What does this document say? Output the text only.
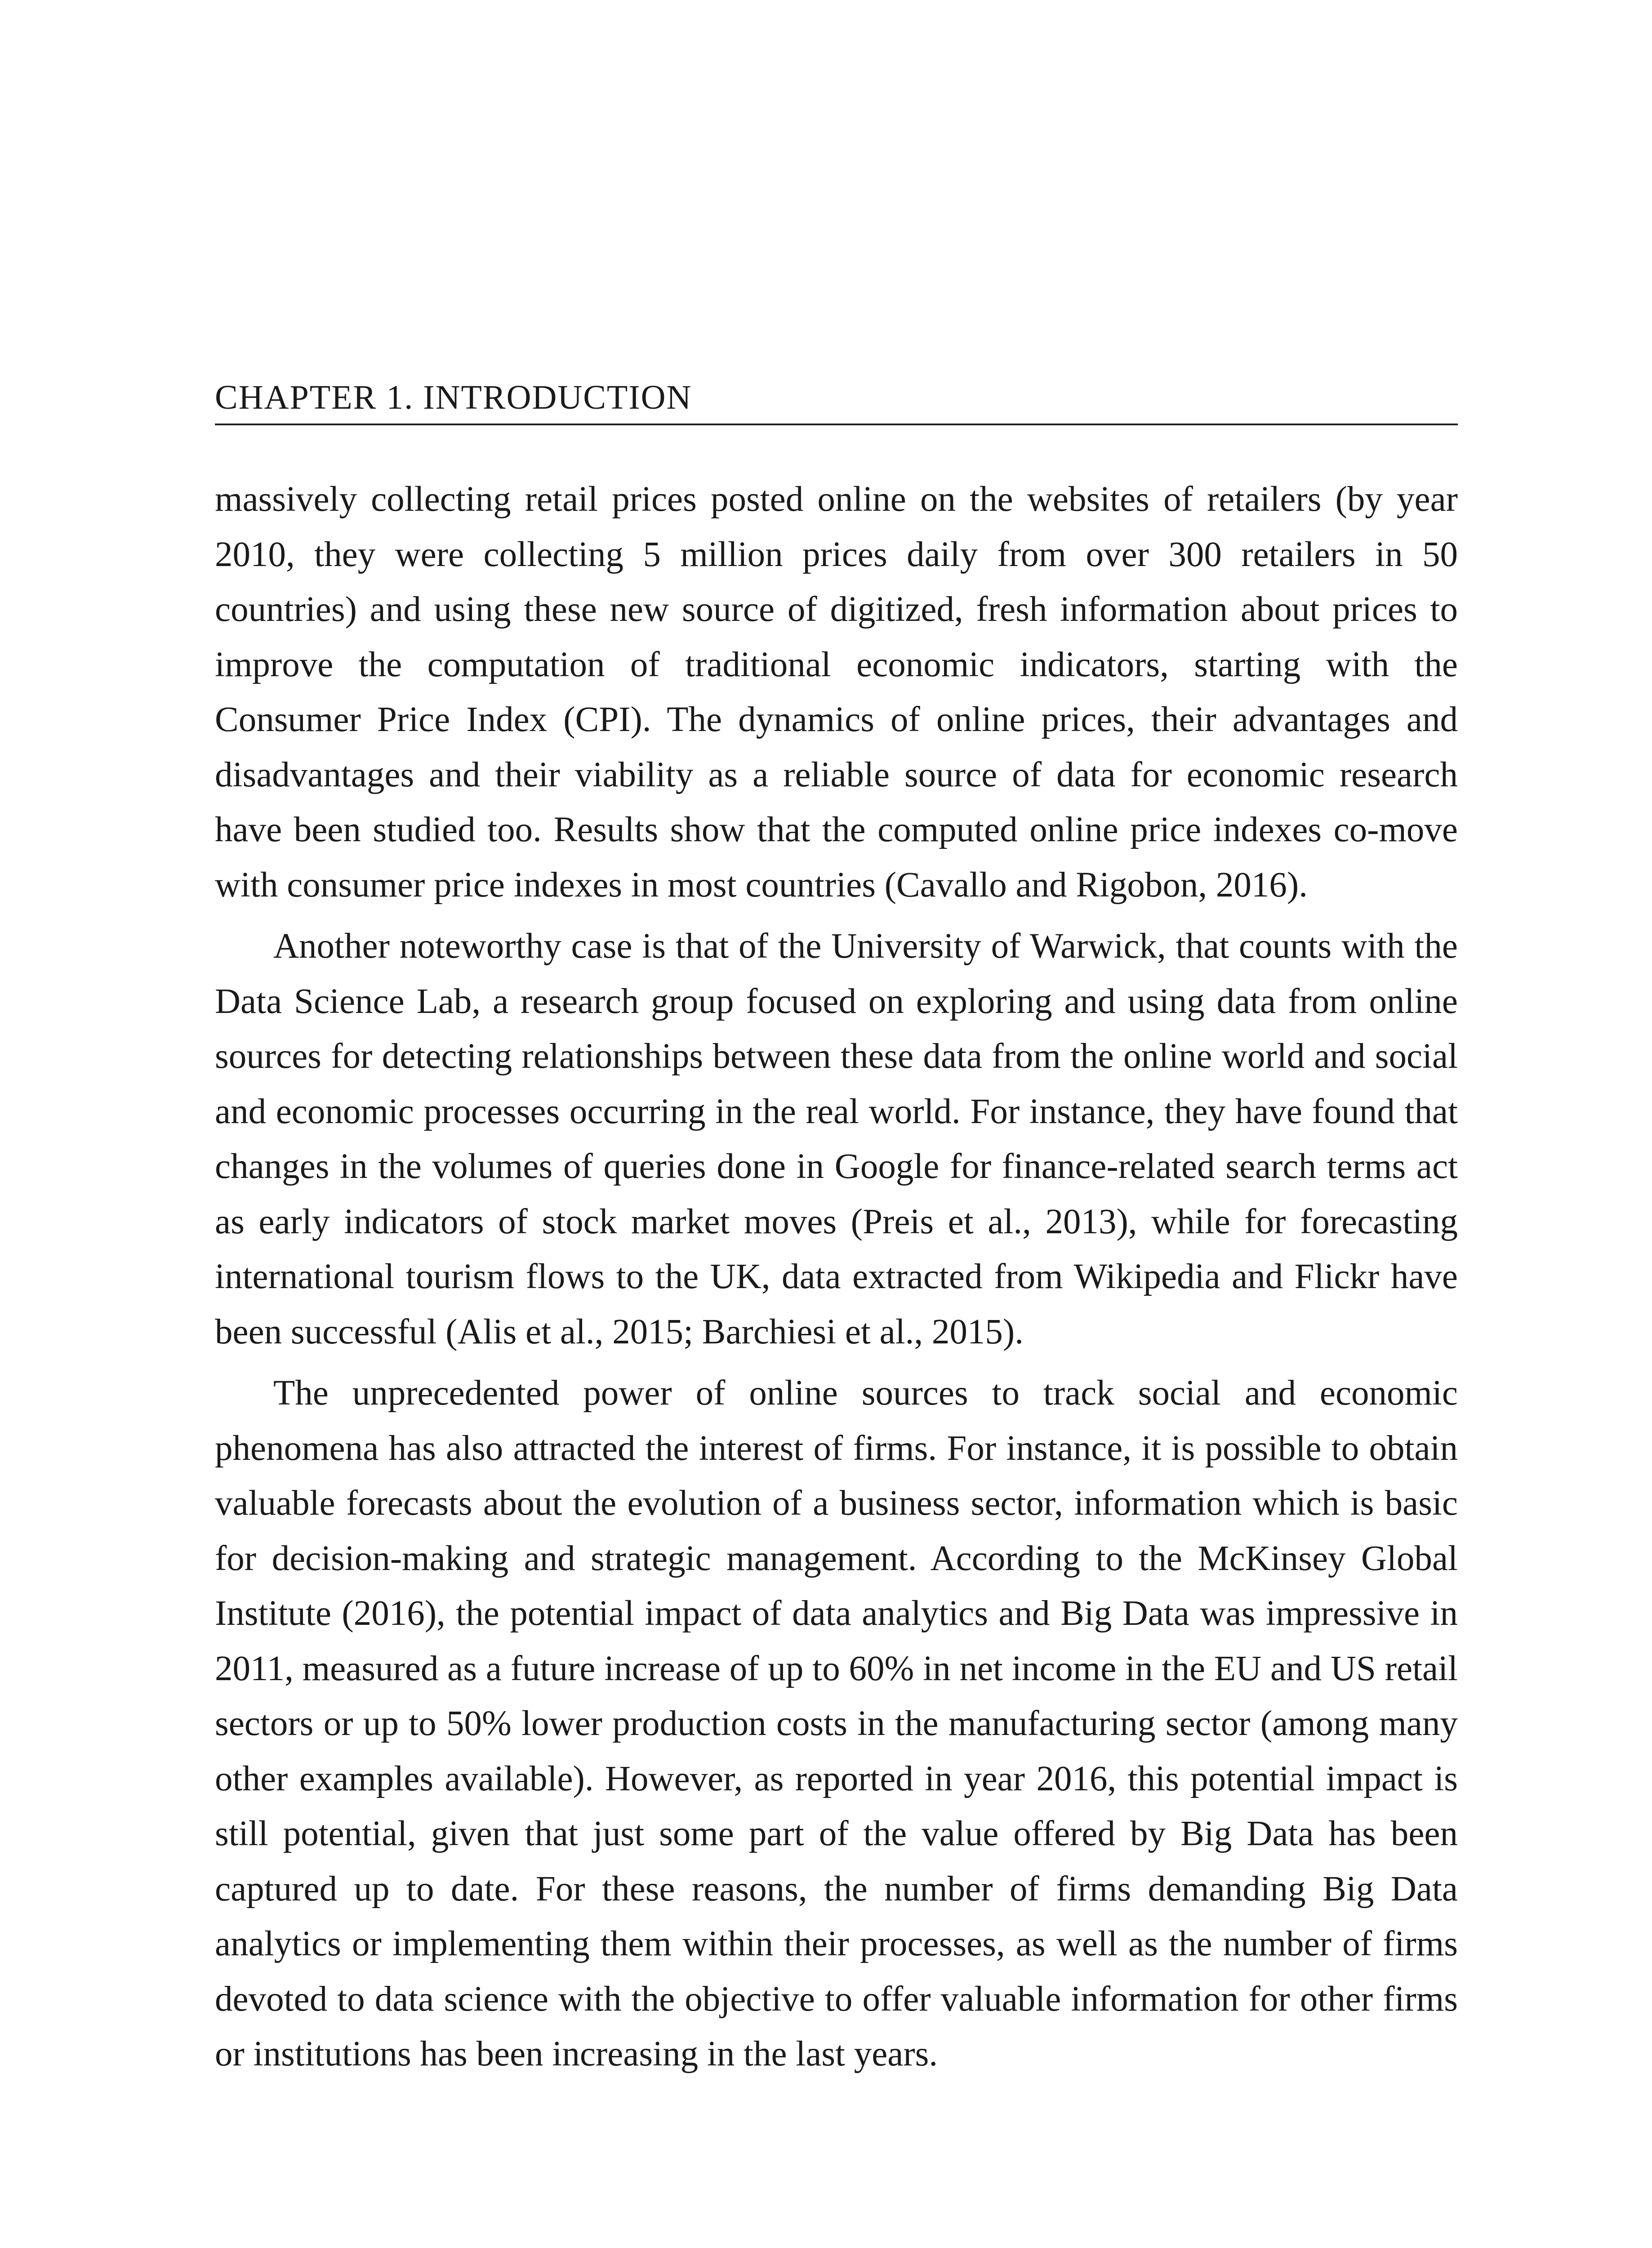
CHAPTER 1. INTRODUCTION

massively collecting retail prices posted online on the websites of retailers (by year 2010, they were collecting 5 million prices daily from over 300 retailers in 50 countries) and using these new source of digitized, fresh information about prices to improve the computation of traditional economic indicators, starting with the Consumer Price Index (CPI). The dynamics of online prices, their advantages and disadvantages and their viability as a reliable source of data for economic research have been studied too. Results show that the computed online price indexes co-move with consumer price indexes in most countries (Cavallo and Rigobon, 2016).

Another noteworthy case is that of the University of Warwick, that counts with the Data Science Lab, a research group focused on exploring and using data from online sources for detecting relationships between these data from the online world and social and economic processes occurring in the real world. For instance, they have found that changes in the volumes of queries done in Google for finance-related search terms act as early indicators of stock market moves (Preis et al., 2013), while for forecasting international tourism flows to the UK, data extracted from Wikipedia and Flickr have been successful (Alis et al., 2015; Barchiesi et al., 2015).

The unprecedented power of online sources to track social and economic phenomena has also attracted the interest of firms. For instance, it is possible to obtain valuable forecasts about the evolution of a business sector, information which is basic for decision-making and strategic management. According to the McKinsey Global Institute (2016), the potential impact of data analytics and Big Data was impressive in 2011, measured as a future increase of up to 60% in net income in the EU and US retail sectors or up to 50% lower production costs in the manufacturing sector (among many other examples available). However, as reported in year 2016, this potential impact is still potential, given that just some part of the value offered by Big Data has been captured up to date. For these reasons, the number of firms demanding Big Data analytics or implementing them within their processes, as well as the number of firms devoted to data science with the objective to offer valuable information for other firms or institutions has been increasing in the last years.
